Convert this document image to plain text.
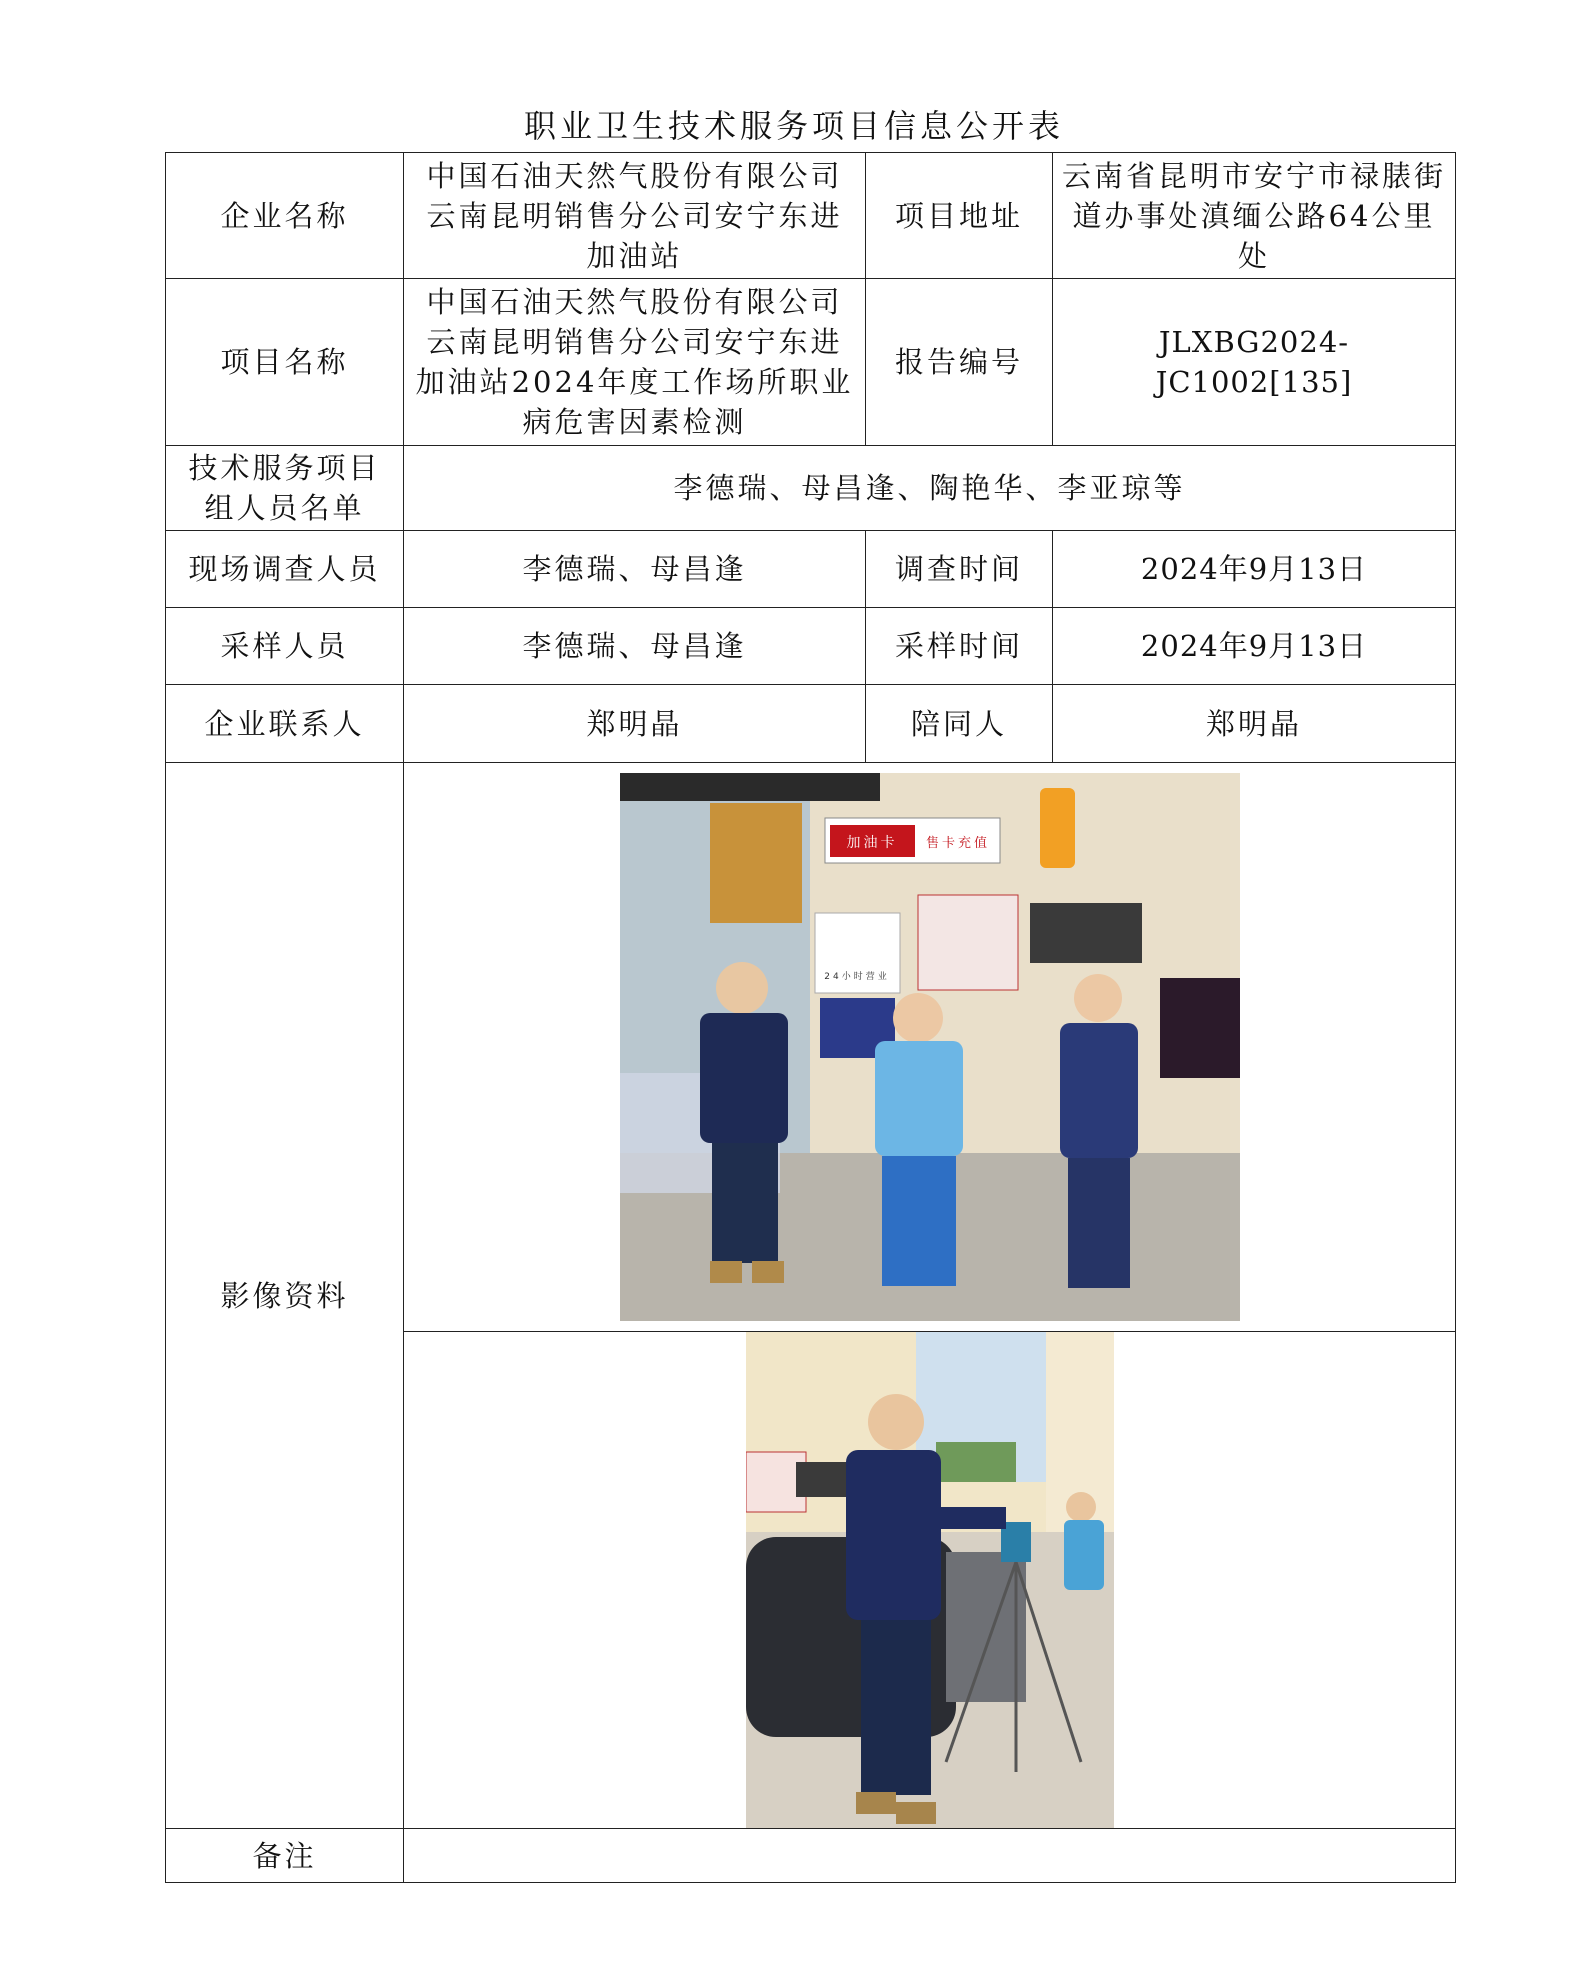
职业卫生技术服务项目信息公开表
企业名称	中国石油天然气股份有限公司云南昆明销售分公司安宁东进加油站	项目地址	云南省昆明市安宁市禄脿街道办事处滇缅公路64公里处
项目名称	中国石油天然气股份有限公司云南昆明销售分公司安宁东进加油站2024年度工作场所职业病危害因素检测	报告编号	JLXBG2024-JC1002[135]
技术服务项目组人员名单	李德瑞、母昌逢、陶艳华、李亚琼等		
现场调查人员	李德瑞、母昌逢	调查时间	2024年9月13日
采样人员	李德瑞、母昌逢	采样时间	2024年9月13日
企业联系人	郑明晶	陪同人	郑明晶
影像资料	加油卡 售卡充值
24小时营业		

备注			
